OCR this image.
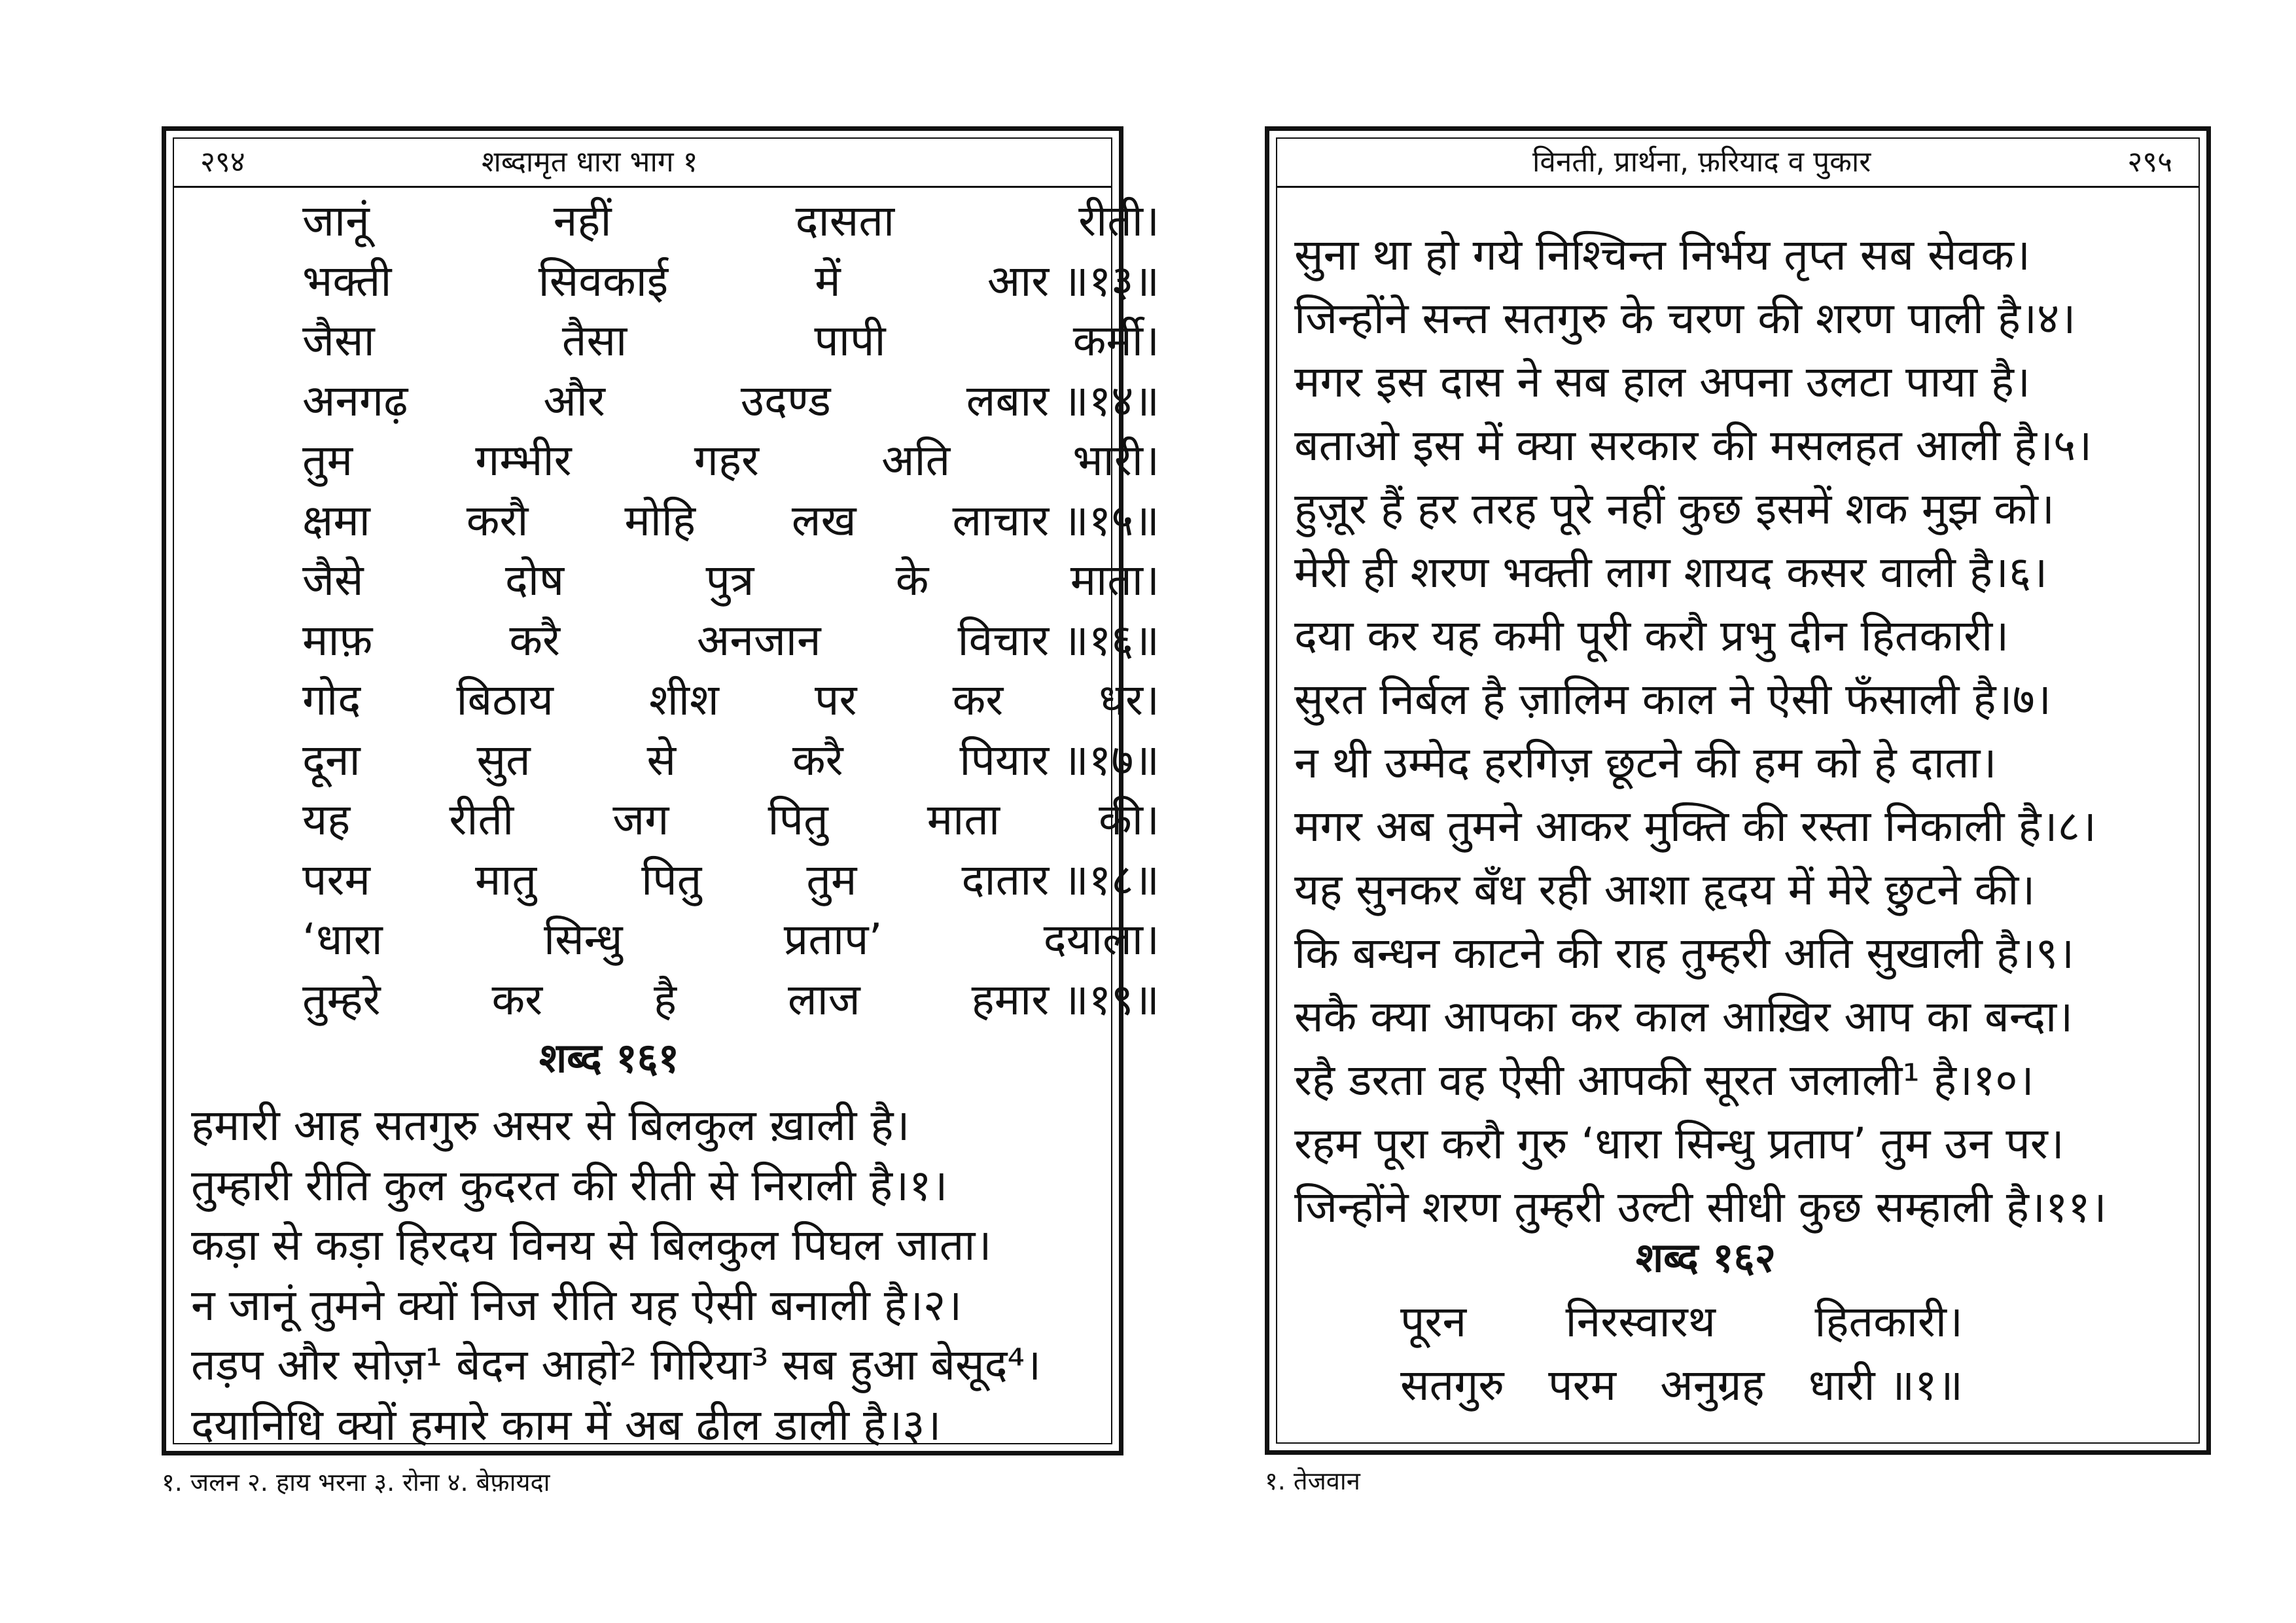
२९४	शब्दामृत धारा भाग १
जानूं	नहीं	दासता	रीती।
भक्ती	सिवकाई	में	आर ॥१३॥
जैसा	तैसा	पापी	कर्मी।
अनगढ़	और	उदण्ड	लबार ॥१४॥
तुम	गम्भीर	गहर	अति	भारी।
क्षमा करौ मोहि लख लाचार ॥१५॥
जैसे	दोष	पुत्र	के	माता।
माफ़	करै	अनजान	विचार ॥१६॥
गोद बिठाय शीश पर कर धर।
दूना	सुत	से	करै	पियार ॥१७॥
यह रीती जग पितु माता की।
परम मातु पितु तुम दातार ॥१८॥
‘धारा	सिन्धु	प्रताप’	दयाला।
तुम्हरे	कर	है	लाज	हमार ॥१९॥
शब्द १६१
हमारी आह सतगुरु असर से बिलकुल ख़ाली है।
तुम्हारी रीति कुल कुदरत की रीती से निराली है।१।
कड़ा से कड़ा हिरदय विनय से बिलकुल पिघल जाता।
न जानूं तुमने क्यों निज रीति यह ऐसी बनाली है।२।
तड़प और सोज़¹ बेदन आहो² गिरिया³ सब हुआ बेसूद⁴।
दयानिधि क्यों हमारे काम में अब ढील डाली है।३।
१. जलन २. हाय भरना ३. रोना ४. बेफ़ायदा
विनती, प्रार्थना, फ़रियाद व पुकार	२९५
सुना था हो गये निश्चिन्त निर्भय तृप्त सब सेवक।
जिन्होंने सन्त सतगुरु के चरण की शरण पाली है।४।
मगर इस दास ने सब हाल अपना उलटा पाया है।
बताओ इस में क्या सरकार की मसलहत आली है।५।
हुज़ूर हैं हर तरह पूरे नहीं कुछ इसमें शक मुझ को।
मेरी ही शरण भक्ती लाग शायद कसर वाली है।६।
दया कर यह कमी पूरी करौ प्रभु दीन हितकारी।
सुरत निर्बल है ज़ालिम काल ने ऐसी फँसाली है।७।
न थी उम्मेद हरगिज़ छूटने की हम को हे दाता।
मगर अब तुमने आकर मुक्ति की रस्ता निकाली है।८।
यह सुनकर बँध रही आशा हृदय में मेरे छुटने की।
कि बन्धन काटने की राह तुम्हरी अति सुखाली है।९।
सकै क्या आपका कर काल आख़िर आप का बन्दा।
रहै डरता वह ऐसी आपकी सूरत जलाली¹ है।१०।
रहम पूरा करौ गुरु ‘धारा सिन्धु प्रताप’ तुम उन पर।
जिन्होंने शरण तुम्हरी उल्टी सीधी कुछ सम्हाली है।११।
शब्द १६२
पूरन निरस्वारथ हितकारी।
सतगुरु परम अनुग्रह धारी ॥१॥
१. तेजवान
